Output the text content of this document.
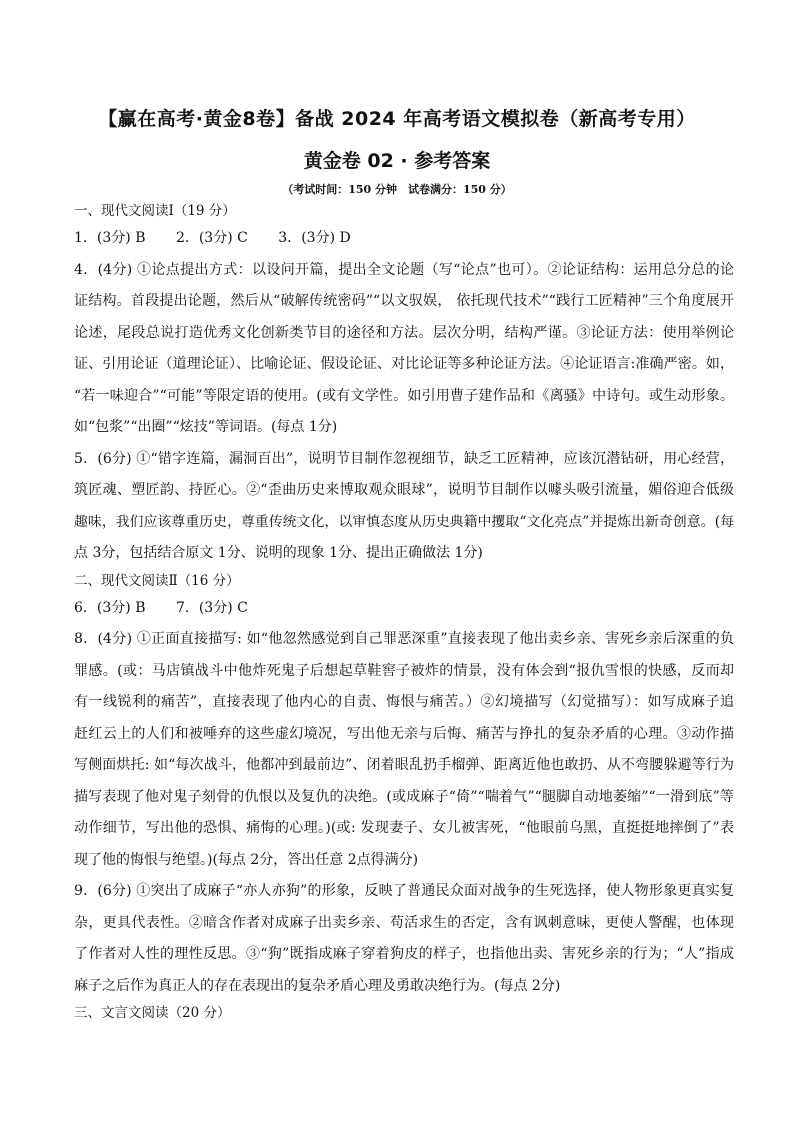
【赢在高考·黄金8卷】备战 2024 年高考语文模拟卷（新高考专用）
黄金卷 02 · 参考答案
（考试时间：150 分钟　试卷满分：150 分）
一、现代文阅读Ⅰ（19 分）
1．(3分) B 2．(3分) C 3．(3分) D
4．(4分) ①论点提出方式：以设问开篇，提出全文论题（写“论点”也可）。②论证结构：运用总分总的论
证结构。首段提出论题，然后从“破解传统密码”“以文驭娱， 依托现代技术”“践行工匠精神”三个角度展开
论述，尾段总说打造优秀文化创新类节目的途径和方法。层次分明，结构严谨。③论证方法：使用举例论
证、引用论证（道理论证）、比喻论证、假设论证、对比论证等多种论证方法。④论证语言:准确严密。如，
“若一味迎合”“可能”等限定语的使用。(或有文学性。如引用曹子建作品和《离骚》中诗句。或生动形象。
如“包浆”“出圈”“炫技”等词语。(每点 1分)
5．(6分) ①“错字连篇，漏洞百出”，说明节目制作忽视细节，缺乏工匠精神，应该沉潜钻研，用心经营，
筑匠魂、塑匠韵、持匠心。②“歪曲历史来博取观众眼球”，说明节目制作以噱头吸引流量，媚俗迎合低级
趣味，我们应该尊重历史，尊重传统文化，以审慎态度从历史典籍中攫取“文化亮点”并提炼出新奇创意。(每
点 3分，包括结合原文 1分、说明的现象 1分、提出正确做法 1分)
二、现代文阅读Ⅱ（16 分）
6．(3分) B 7．(3分) C
8．(4分) ①正面直接描写: 如“他忽然感觉到自己罪恶深重”直接表现了他出卖乡亲、害死乡亲后深重的负
罪感。(或：马店镇战斗中他炸死鬼子后想起草鞋窖子被炸的情景，没有体会到“报仇雪恨的快感，反而却
有一线锐利的痛苦”，直接表现了他内心的自责、悔恨与痛苦。）②幻境描写（幻觉描写）：如写成麻子追
赶红云上的人们和被唾弃的这些虚幻境况，写出他无亲与后悔、痛苦与挣扎的复杂矛盾的心理。③动作描
写侧面烘托: 如“每次战斗，他都冲到最前边”、闭着眼乱扔手榴弹、距离近他也敢扔、从不弯腰躲避等行为
描写表现了他对鬼子刻骨的仇恨以及复仇的决绝。(或成麻子“倚”“喘着气”“腿脚自动地萎缩”“一滑到底”等
动作细节，写出他的恐惧、痛悔的心理。)(或: 发现妻子、女儿被害死，“他眼前乌黑，直挺挺地摔倒了”表
现了他的悔恨与绝望。)(每点 2分，答出任意 2点得满分)
9．(6分) ①突出了成麻子“亦人亦狗”的形象，反映了普通民众面对战争的生死选择，使人物形象更真实复
杂，更具代表性。②暗含作者对成麻子出卖乡亲、苟活求生的否定，含有讽刺意味，更使人警醒，也体现
了作者对人性的理性反思。③“狗”既指成麻子穿着狗皮的样子，也指他出卖、害死乡亲的行为；“人”指成
麻子之后作为真正人的存在表现出的复杂矛盾心理及勇敢决绝行为。(每点 2分)
三、文言文阅读（20 分）
